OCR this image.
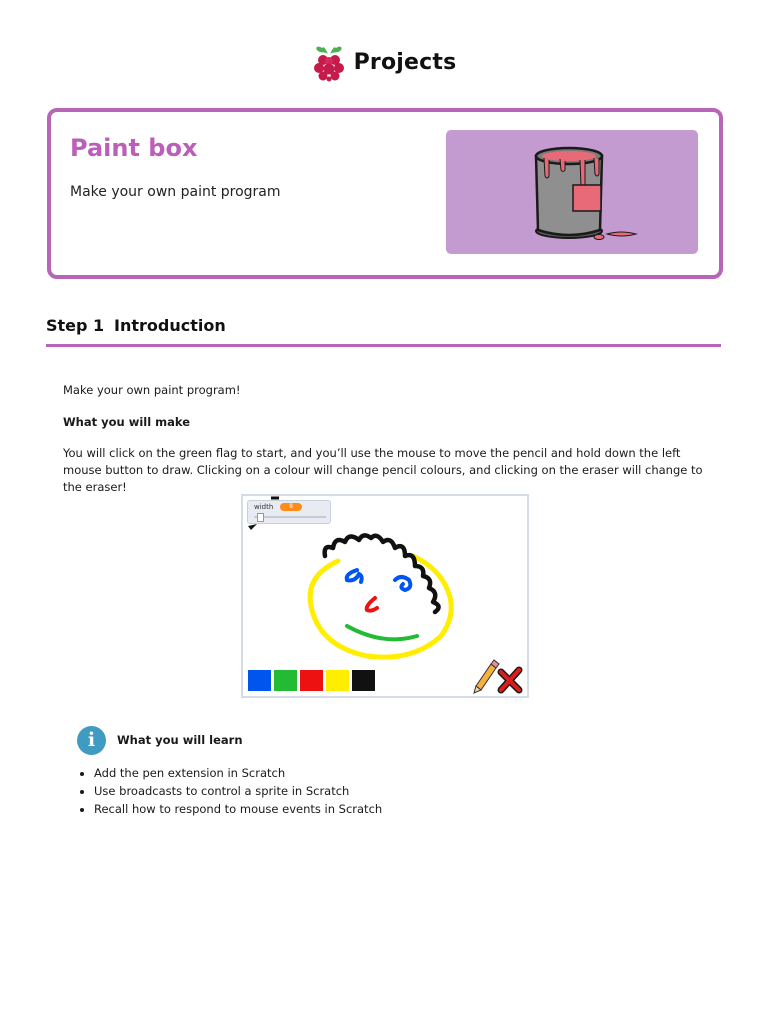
Projects
Paint box
Make your own paint program
Step 1 Introduction
Make your own paint program!
What you will make
You will click on the green flag to start, and you’ll use the mouse to move the pencil and hold down the left mouse button to draw. Clicking on a colour will change pencil colours, and clicking on the eraser will change to the eraser!
width	8
i	What you will learn
• Add the pen extension in Scratch
• Use broadcasts to control a sprite in Scratch
• Recall how to respond to mouse events in Scratch
